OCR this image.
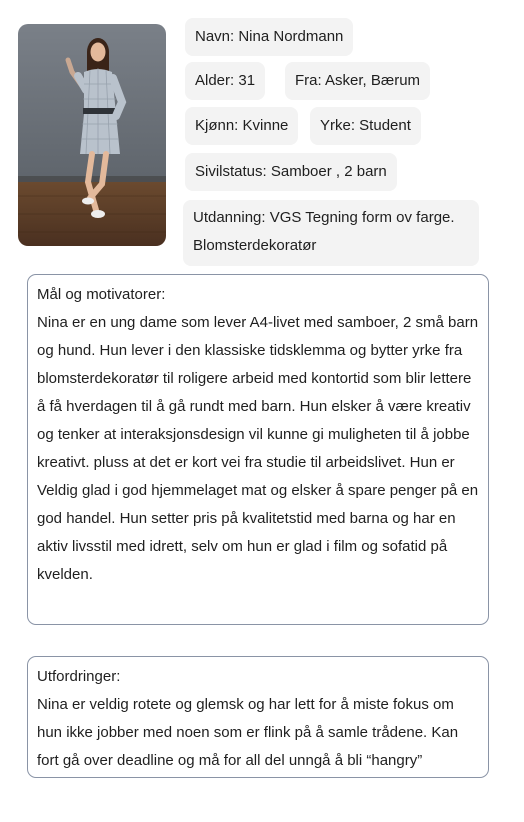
Navn: Nina Nordmann
Alder: 31	Fra: Asker, Bærum
Kjønn: Kvinne	Yrke: Student
Sivilstatus: Samboer , 2 barn
Utdanning: VGS Tegning form ov farge. Blomsterdekoratør
Mål og motivatorer:

Nina er en ung dame som lever A4-livet med samboer, 2 små barn og hund. Hun lever i den klassiske tidsklemma og bytter yrke fra blomsterdekoratør til roligere arbeid med kontortid som blir lettere å få hverdagen til å gå rundt med barn. Hun elsker å være kreativ og tenker at interaksjonsdesign vil kunne gi muligheten til å jobbe kreativt. pluss at det er kort vei fra studie til arbeidslivet. Hun er Veldig glad i god hjemmelaget mat og elsker å spare penger på en god handel. Hun setter pris på kvalitetstid med barna og har en aktiv livsstil med idrett, selv om hun er glad i film og sofatid på kvelden.

Utfordringer:

Nina er veldig rotete og glemsk og har lett for å miste fokus om hun ikke jobber med noen som er flink på å samle trådene. Kan fort gå over deadline og må for all del unngå å bli “hangry”
